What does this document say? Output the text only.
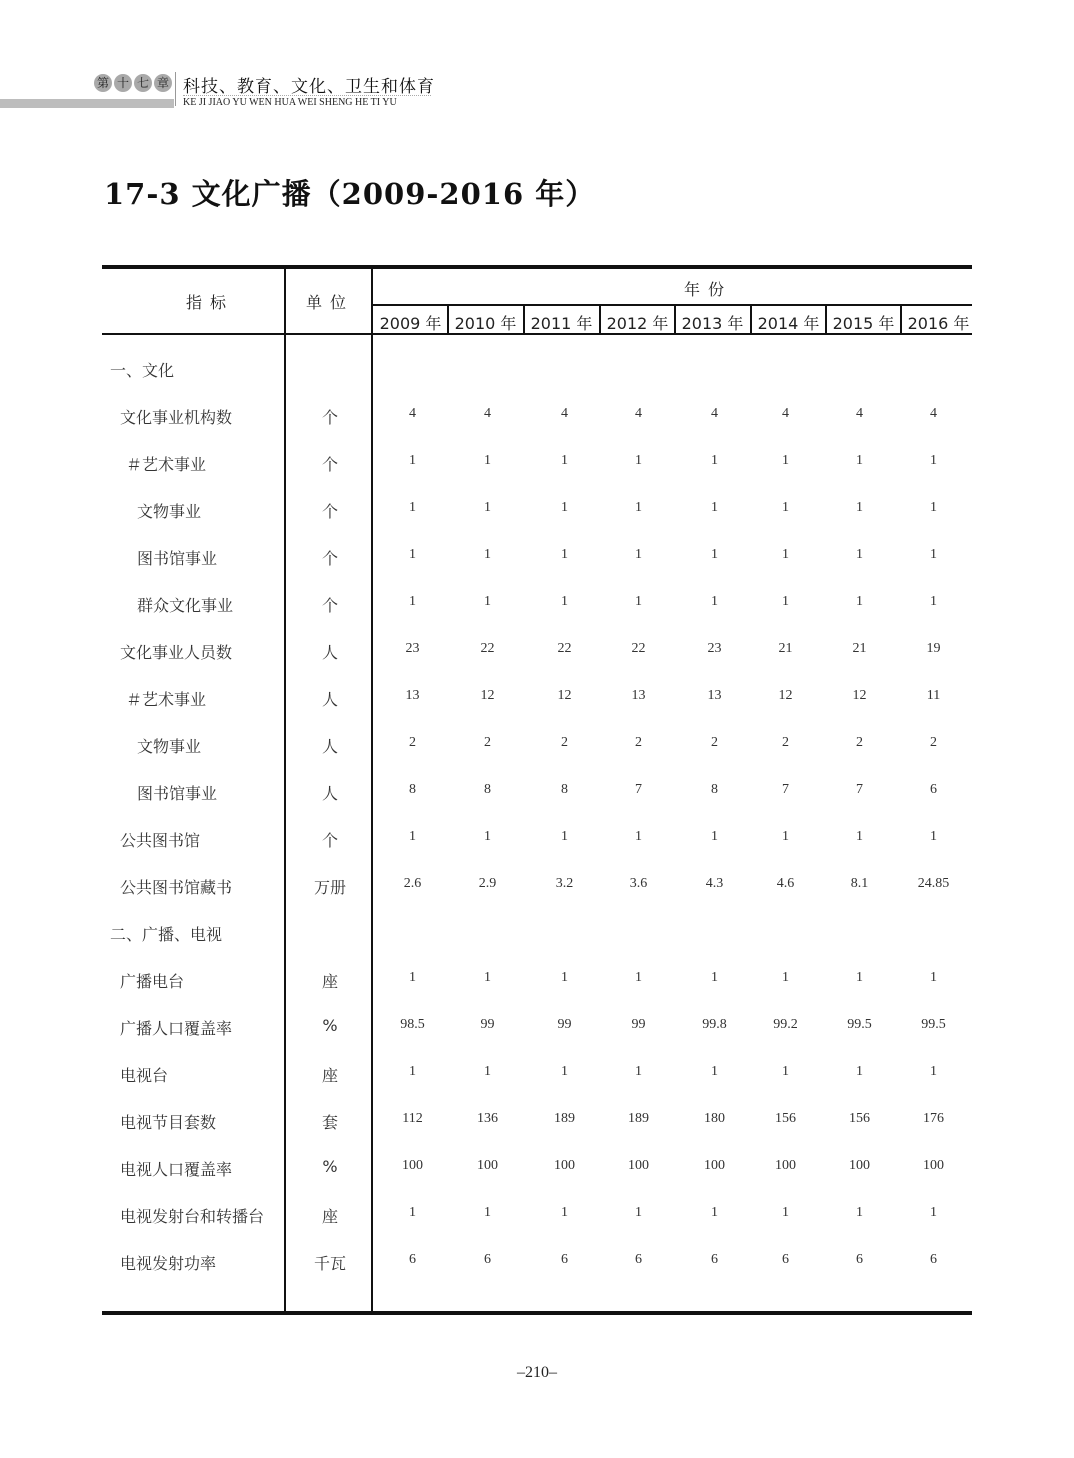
第 十 七 章 科技、教育、文化、卫生和体育
KE JI JIAO YU WEN HUA WEI SHENG HE TI YU
17-3 文化广播（2009-2016 年）
指标	单位
年份
2009 年 2010 年 2011 年 2012 年 2013 年 2014 年 2015 年 2016 年
一、文化
文化事业机构数	个	4	4	4	4	4	4	4	4
＃艺术事业	个	1	1	1	1	1	1	1	1
文物事业	个	1	1	1	1	1	1	1	1
图书馆事业	个	1	1	1	1	1	1	1	1
群众文化事业	个	1	1	1	1	1	1	1	1
文化事业人员数	人	23	22	22	22	23	21	21	19
＃艺术事业	人	13	12	12	13	13	12	12	11
文物事业	人	2	2	2	2	2	2	2	2
图书馆事业	人	8	8	8	7	8	7	7	6
公共图书馆	个	1	1	1	1	1	1	1	1
公共图书馆藏书	万册	2.6	2.9	3.2	3.6	4.3	4.6	8.1	24.85
二、广播、电视
广播电台	座	1	1	1	1	1	1	1	1
广播人口覆盖率	%	98.5	99	99	99	99.8	99.2	99.5	99.5
电视台	座	1	1	1	1	1	1	1	1
电视节目套数	套	112	136	189	189	180	156	156	176
电视人口覆盖率	%	100	100	100	100	100	100	100	100
电视发射台和转播台	座	1	1	1	1	1	1	1	1
电视发射功率	千瓦	6	6	6	6	6	6	6	6
–210–
